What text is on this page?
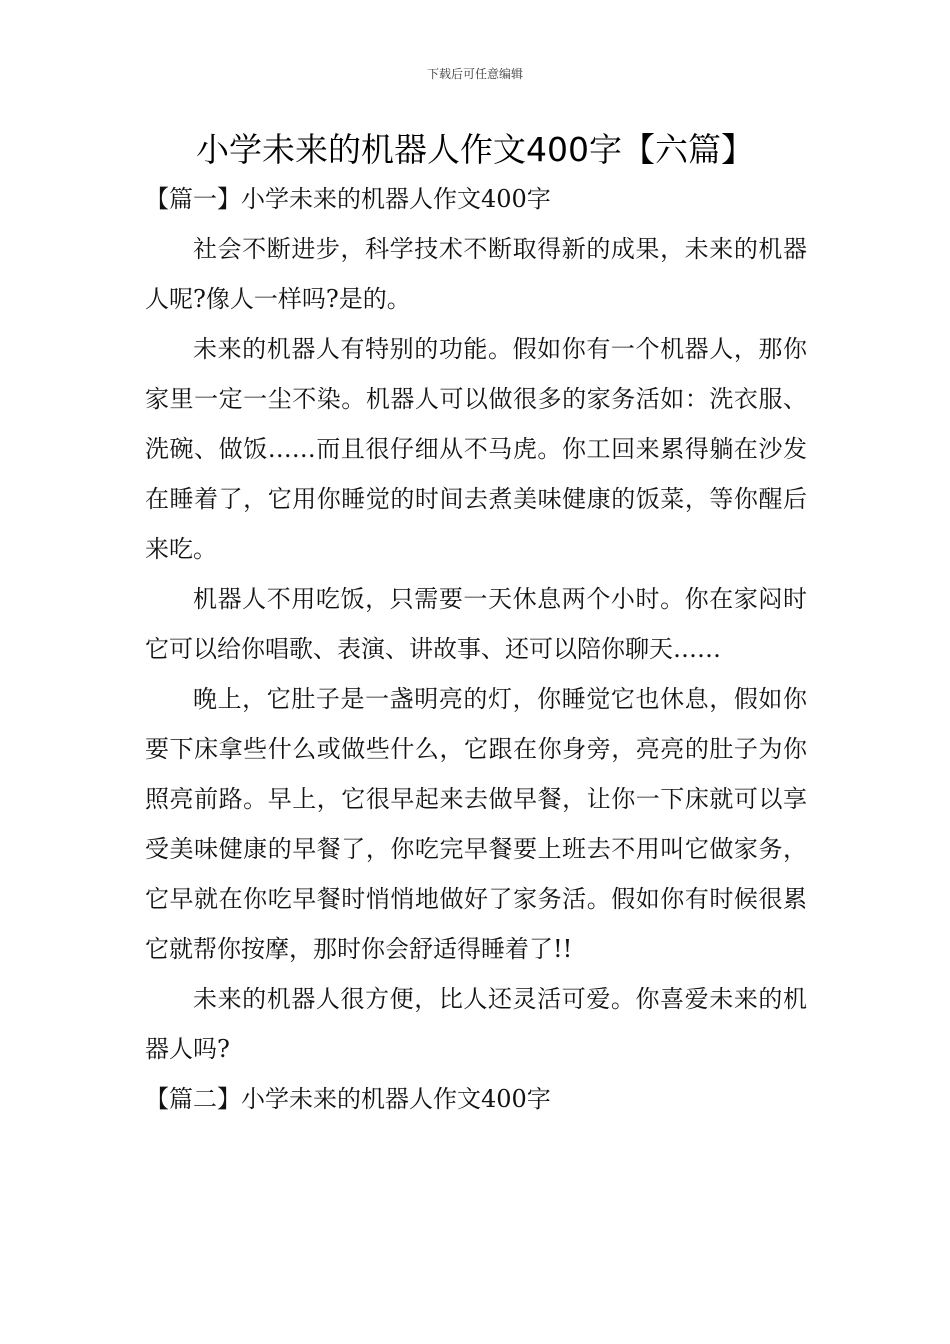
下载后可任意编辑
小学未来的机器人作文400字【六篇】
【篇一】小学未来的机器人作文400字

社会不断进步，科学技术不断取得新的成果，未来的机器人呢?像人一样吗?是的。

未来的机器人有特别的功能。假如你有一个机器人，那你家里一定一尘不染。机器人可以做很多的家务活如：洗衣服、洗碗、做饭……而且很仔细从不马虎。你工回来累得躺在沙发在睡着了，它用你睡觉的时间去煮美味健康的饭菜，等你醒后来吃。

机器人不用吃饭，只需要一天休息两个小时。你在家闷时它可以给你唱歌、表演、讲故事、还可以陪你聊天……

晚上，它肚子是一盏明亮的灯，你睡觉它也休息，假如你要下床拿些什么或做些什么，它跟在你身旁，亮亮的肚子为你照亮前路。早上，它很早起来去做早餐，让你一下床就可以享受美味健康的早餐了，你吃完早餐要上班去不用叫它做家务，它早就在你吃早餐时悄悄地做好了家务活。假如你有时候很累它就帮你按摩，那时你会舒适得睡着了!!

未来的机器人很方便，比人还灵活可爱。你喜爱未来的机器人吗?

【篇二】小学未来的机器人作文400字
